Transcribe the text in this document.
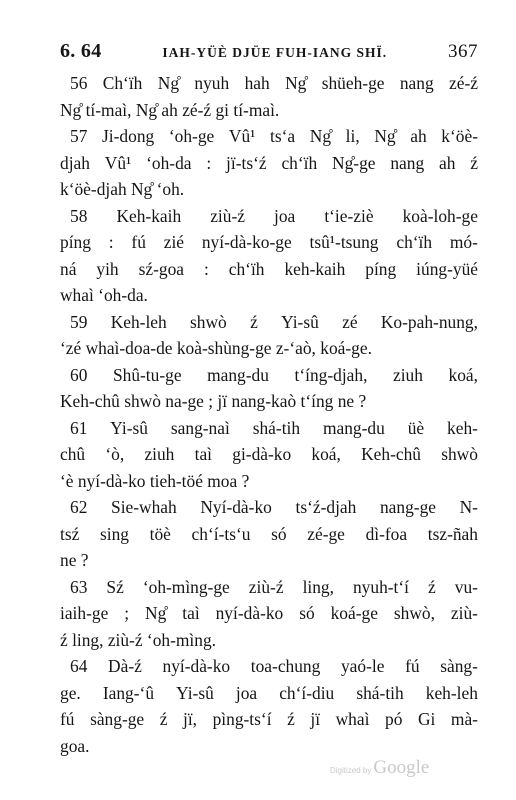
6. 64	IAH-YÜÈ DJÜE FUH-IANG SHÏ.	367
56 Ch‘ïh Ng̊ nyuh hah Ng̊ shüeh-ge nang zé-ź
Ng̊ tí-maì, Ng̊ ah zé-ź gi tí-maì.
57 Ji-dong ‘oh-ge Vû¹ ts‘a Ng̊ li, Ng̊ ah k‘öè-
djah Vû¹ ‘oh-da : jï-ts‘ź ch‘ïh Ng̊-ge nang ah ź
k‘öè-djah Ng̊ ‘oh.
58 Keh-kaih ziù-ź joa t‘ie-ziè koà-loh-ge
píng : fú zié nyí-dà-ko-ge tsû¹-tsung ch‘ïh mó-
ná yih sź-goa : ch‘ïh keh-kaih píng iúng-yüé
whaì ‘oh-da.
59 Keh-leh shwò ź Yi-sû zé Ko-pah-nung,
‘zé whaì-doa-de koà-shùng-ge z-‘aò, koá-ge.
60 Shû-tu-ge mang-du t‘íng-djah, ziuh koá,
Keh-chû shwò na-ge ; jï nang-kaò t‘íng ne ?
61 Yi-sû sang-naì shá-tih mang-du üè keh-
chû ‘ò, ziuh taì gi-dà-ko koá, Keh-chû shwò
‘è nyí-dà-ko tieh-töé moa ?
62 Sie-whah Nyí-dà-ko ts‘ź-djah nang-ge N-
tsź sing töè ch‘í-ts‘u só zé-ge dì-foa tsz-ñah
ne ?
63 Sź ‘oh-mìng-ge ziù-ź ling, nyuh-t‘í ź vu-
iaih-ge ; Ng̊ taì nyí-dà-ko só koá-ge shwò, ziù-
ź ling, ziù-ź ‘oh-mìng.
64 Dà-ź nyí-dà-ko toa-chung yaó-le fú sàng-
ge. Iang-‘û Yi-sû joa ch‘í-diu shá-tih keh-leh
fú sàng-ge ź jï, pìng-ts‘í ź jï whaì pó Gi mà-
goa.
Digitized by Google
